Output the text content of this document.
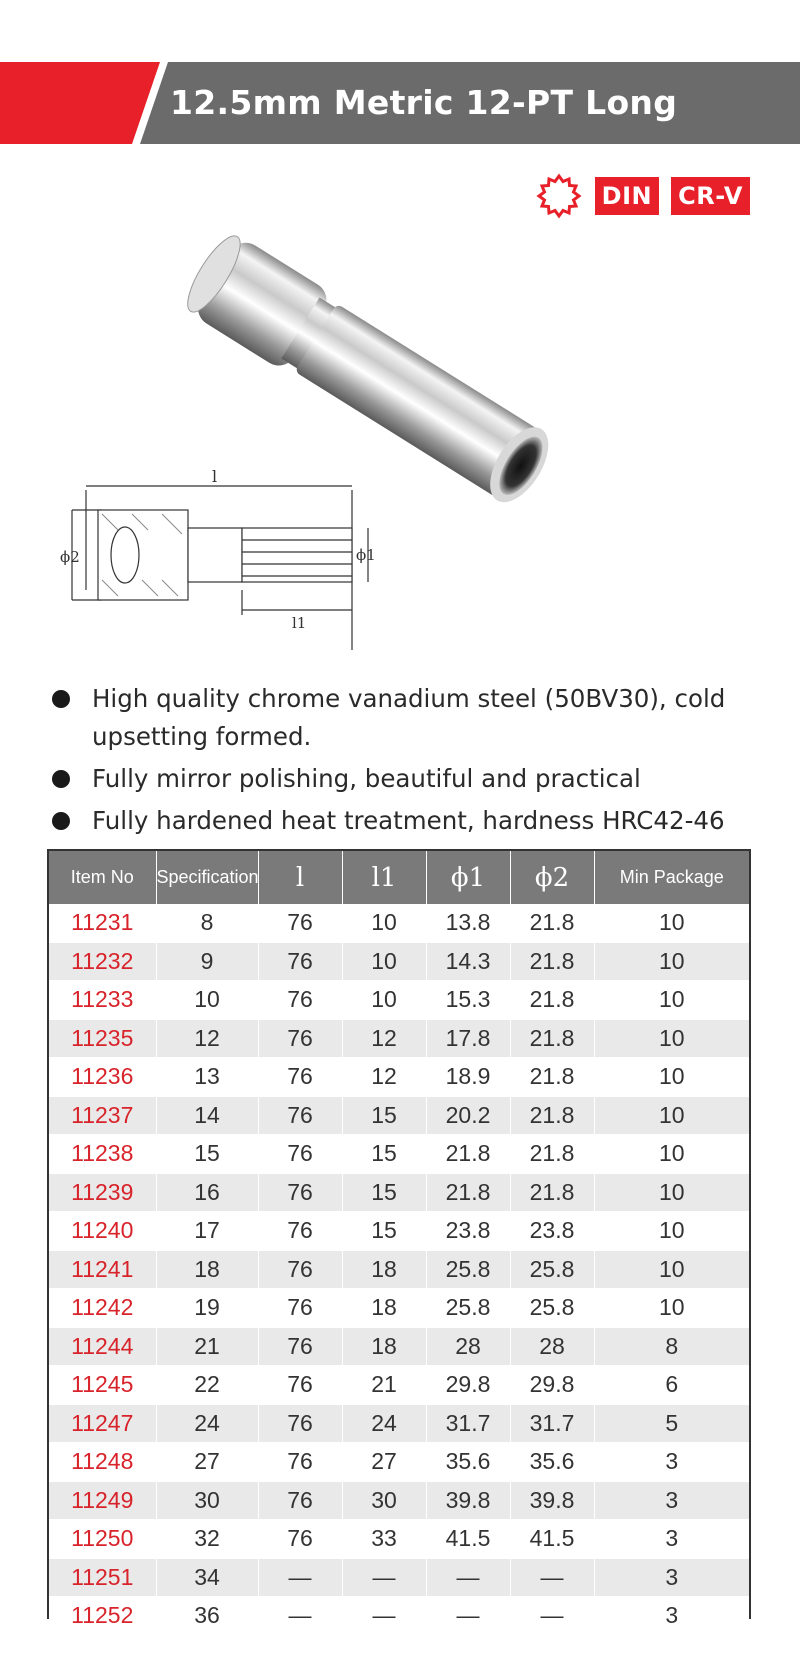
12.5mm Metric 12-PT Long Socket	DIN CR-V
l
ϕ2	ϕ1
l1
High quality chrome vanadium steel (50BV30), cold upsetting formed.
Fully mirror polishing, beautiful and practical
Fully hardened heat treatment, hardness HRC42-46
Item No	Specification	l	l1	ϕ1	ϕ2	Min Package
11231	8	76	10	13.8	21.8	10
11232	9	76	10	14.3	21.8	10
11233	10	76	10	15.3	21.8	10
11235	12	76	12	17.8	21.8	10
11236	13	76	12	18.9	21.8	10
11237	14	76	15	20.2	21.8	10
11238	15	76	15	21.8	21.8	10
11239	16	76	15	21.8	21.8	10
11240	17	76	15	23.8	23.8	10
11241	18	76	18	25.8	25.8	10
11242	19	76	18	25.8	25.8	10
11244	21	76	18	28	28	8
11245	22	76	21	29.8	29.8	6
11247	24	76	24	31.7	31.7	5
11248	27	76	27	35.6	35.6	3
11249	30	76	30	39.8	39.8	3
11250	32	76	33	41.5	41.5	3
11251	34	—	—	—	—	3
11252	36	—	—	—	—	3
